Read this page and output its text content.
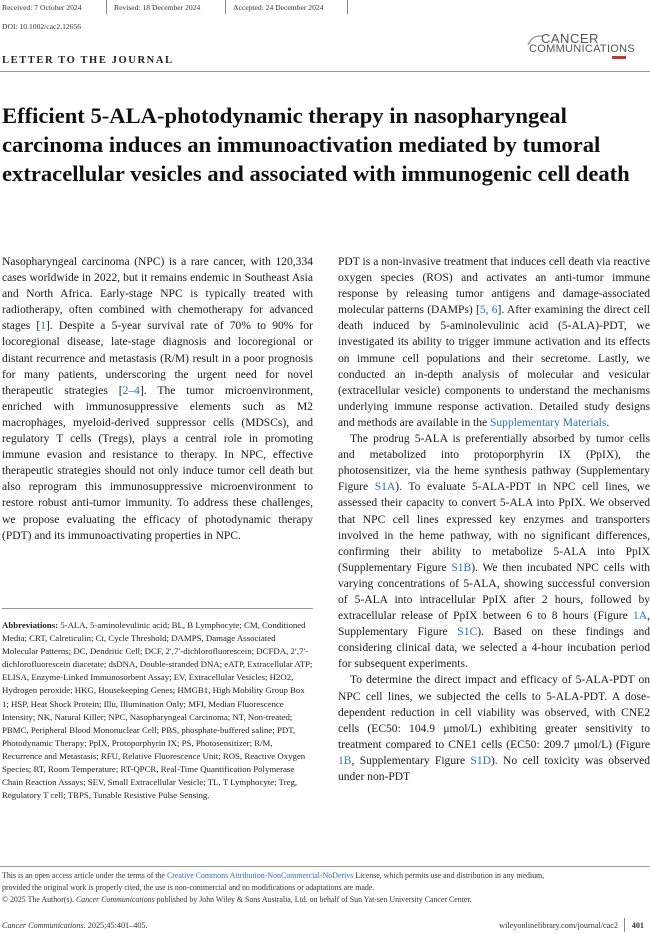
Received: 7 October 2024	Revised: 18 December 2024	Accepted: 24 December 2024
DOI: 10.1002/cac2.12656
CANCER
COMMUNICATIONS
LETTER TO THE JOURNAL
Efficient 5-ALA-photodynamic therapy in nasopharyngeal carcinoma induces an immunoactivation mediated by tumoral extracellular vesicles and associated with immunogenic cell death

Nasopharyngeal carcinoma (NPC) is a rare cancer, with 120,334 cases worldwide in 2022, but it remains endemic in Southeast Asia and North Africa. Early-stage NPC is typically treated with radiotherapy, often combined with chemotherapy for advanced stages [1]. Despite a 5-year survival rate of 70% to 90% for locoregional disease, late-stage diagnosis and locoregional or distant recurrence and metastasis (R/M) result in a poor prognosis for many patients, underscoring the urgent need for novel therapeutic strategies [2–4]. The tumor microenvironment, enriched with immunosuppressive elements such as M2 macrophages, myeloid-derived suppressor cells (MDSCs), and regulatory T cells (Tregs), plays a central role in promoting immune evasion and resistance to therapy. In NPC, effective therapeutic strategies should not only induce tumor cell death but also reprogram this immunosuppressive microenvironment to restore robust anti-tumor immunity. To address these challenges, we propose evaluating the efficacy of photodynamic therapy (PDT) and its immunoactivating properties in NPC.

Abbreviations: 5-ALA, 5-aminolevulinic acid; BL, B Lymphocyte; CM, Conditioned Media; CRT, Calreticulin; Ct, Cycle Threshold; DAMPS, Damage Associated Molecular Patterns; DC, Dendritic Cell; DCF, 2′,7′-dichlorofluorescein; DCFDA, 2′,7′-dichlorofluorescein diacetate; dsDNA, Double-stranded DNA; eATP, Extracellular ATP; ELISA, Enzyme-Linked Immunosorbent Assay; EV, Extracellular Vesicles; H2O2, Hydrogen peroxide; HKG, Housekeeping Genes; HMGB1, High Mobility Group Box 1; HSP, Heat Shock Protein; Illu, Illumination Only; MFI, Median Fluorescence Intensity; NK, Natural Killer; NPC, Nasopharyngeal Carcinoma; NT, Non-treated; PBMC, Peripheral Blood Mononuclear Cell; PBS, phosphate-buffered saline; PDT, Photodynamic Therapy; PpIX, Protoporphyrin IX; PS, Photosensitizer; R/M, Recurrence and Metastasis; RFU, Relative Fluorescence Unit; ROS, Reactive Oxygen Species; RT, Room Temperature; RT-QPCR, Real-Time Quantification Polymerase Chain Reaction Assays; SEV, Small Extracellular Vesicle; TL, T Lymphocyte; Treg, Regulatory T cell; TRPS, Tunable Resistive Pulse Sensing.

PDT is a non-invasive treatment that induces cell death via reactive oxygen species (ROS) and activates an anti-tumor immune response by releasing tumor antigens and damage-associated molecular patterns (DAMPs) [5, 6]. After examining the direct cell death induced by 5-aminolevulinic acid (5-ALA)-PDT, we investigated its ability to trigger immune activation and its effects on immune cell populations and their secretome. Lastly, we conducted an in-depth analysis of molecular and vesicular (extracellular vesicle) components to understand the mechanisms underlying immune response activation. Detailed study designs and methods are available in the Supplementary Materials.

The prodrug 5-ALA is preferentially absorbed by tumor cells and metabolized into protoporphyrin IX (PpIX), the photosensitizer, via the heme synthesis pathway (Supplementary Figure S1A). To evaluate 5-ALA-PDT in NPC cell lines, we assessed their capacity to convert 5-ALA into PpIX. We observed that NPC cell lines expressed key enzymes and transporters involved in the heme pathway, with no significant differences, confirming their ability to metabolize 5-ALA into PpIX (Supplementary Figure S1B). We then incubated NPC cells with varying concentrations of 5-ALA, showing successful conversion of 5-ALA into intracellular PpIX after 2 hours, followed by extracellular release of PpIX between 6 to 8 hours (Figure 1A, Supplementary Figure S1C). Based on these findings and considering clinical data, we selected a 4-hour incubation period for subsequent experiments.

To determine the direct impact and efficacy of 5-ALA-PDT on NPC cell lines, we subjected the cells to 5-ALA-PDT. A dose-dependent reduction in cell viability was observed, with CNE2 cells (EC50: 104.9 μmol/L) exhibiting greater sensitivity to treatment compared to CNE1 cells (EC50: 209.7 μmol/L) (Figure 1B, Supplementary Figure S1D). No cell toxicity was observed under non-PDT

This is an open access article under the terms of the Creative Commons Attribution-NonCommercial-NoDerivs License, which permits use and distribution in any medium,
provided the original work is properly cited, the use is non-commercial and no modifications or adaptations are made.
© 2025 The Author(s). Cancer Communications published by John Wiley & Sons Australia, Ltd. on behalf of Sun Yat-sen University Cancer Center.
Cancer Communications. 2025;45:401–405.	wileyonlinelibrary.com/journal/cac2 401
